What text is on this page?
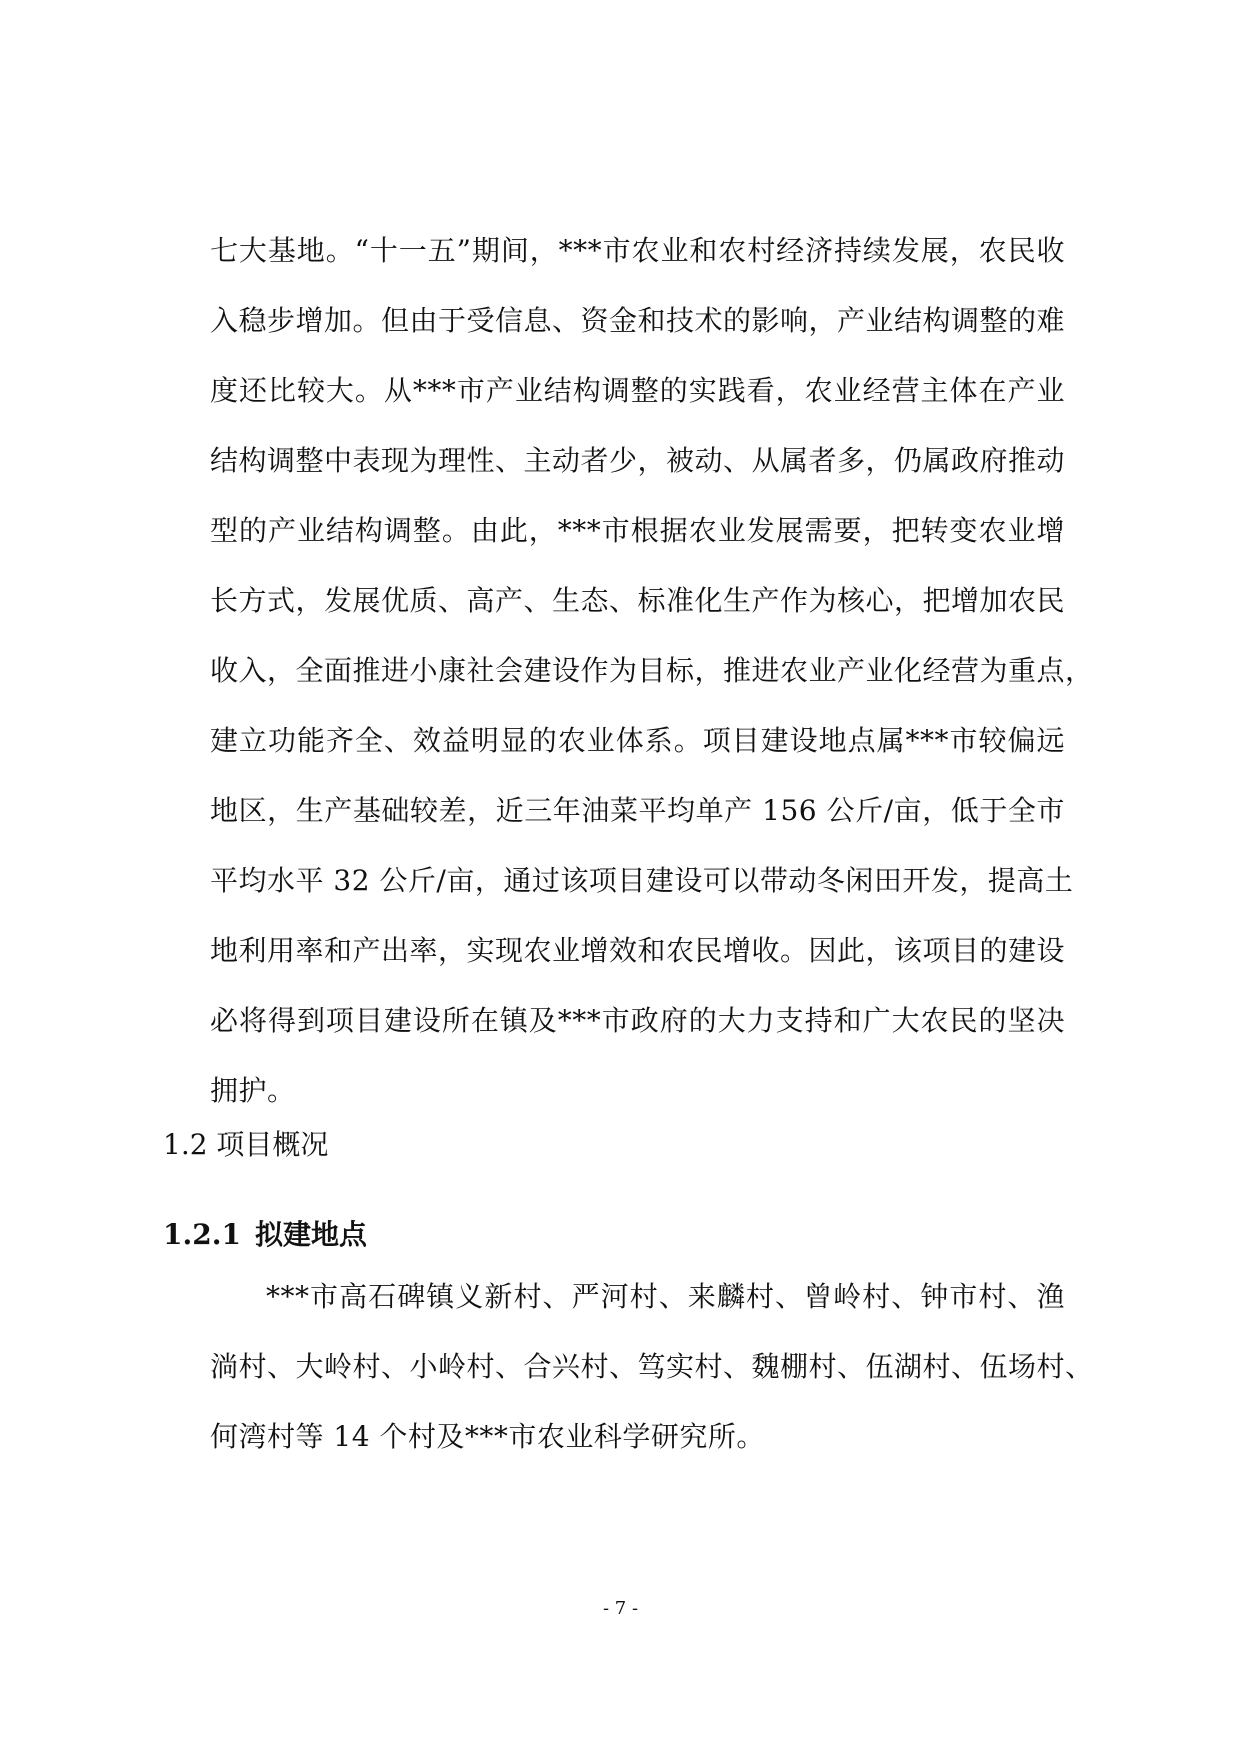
七大基地。“十一五”期间，***市农业和农村经济持续发展，农民收
入稳步增加。但由于受信息、资金和技术的影响，产业结构调整的难
度还比较大。从***市产业结构调整的实践看，农业经营主体在产业
结构调整中表现为理性、主动者少，被动、从属者多，仍属政府推动
型的产业结构调整。由此，***市根据农业发展需要，把转变农业增
长方式，发展优质、高产、生态、标准化生产作为核心，把增加农民
收入，全面推进小康社会建设作为目标，推进农业产业化经营为重点，
建立功能齐全、效益明显的农业体系。项目建设地点属***市较偏远
地区，生产基础较差，近三年油菜平均单产 156 公斤/亩，低于全市
平均水平 32 公斤/亩，通过该项目建设可以带动冬闲田开发，提高土
地利用率和产出率，实现农业增效和农民增收。因此，该项目的建设
必将得到项目建设所在镇及***市政府的大力支持和广大农民的坚决
拥护。
1.2 项目概况
1.2.1 拟建地点
***市高石碑镇义新村、严河村、来麟村、曾岭村、钟市村、渔
淌村、大岭村、小岭村、合兴村、笃实村、魏棚村、伍湖村、伍场村、
何湾村等 14 个村及***市农业科学研究所。
- 7 -
